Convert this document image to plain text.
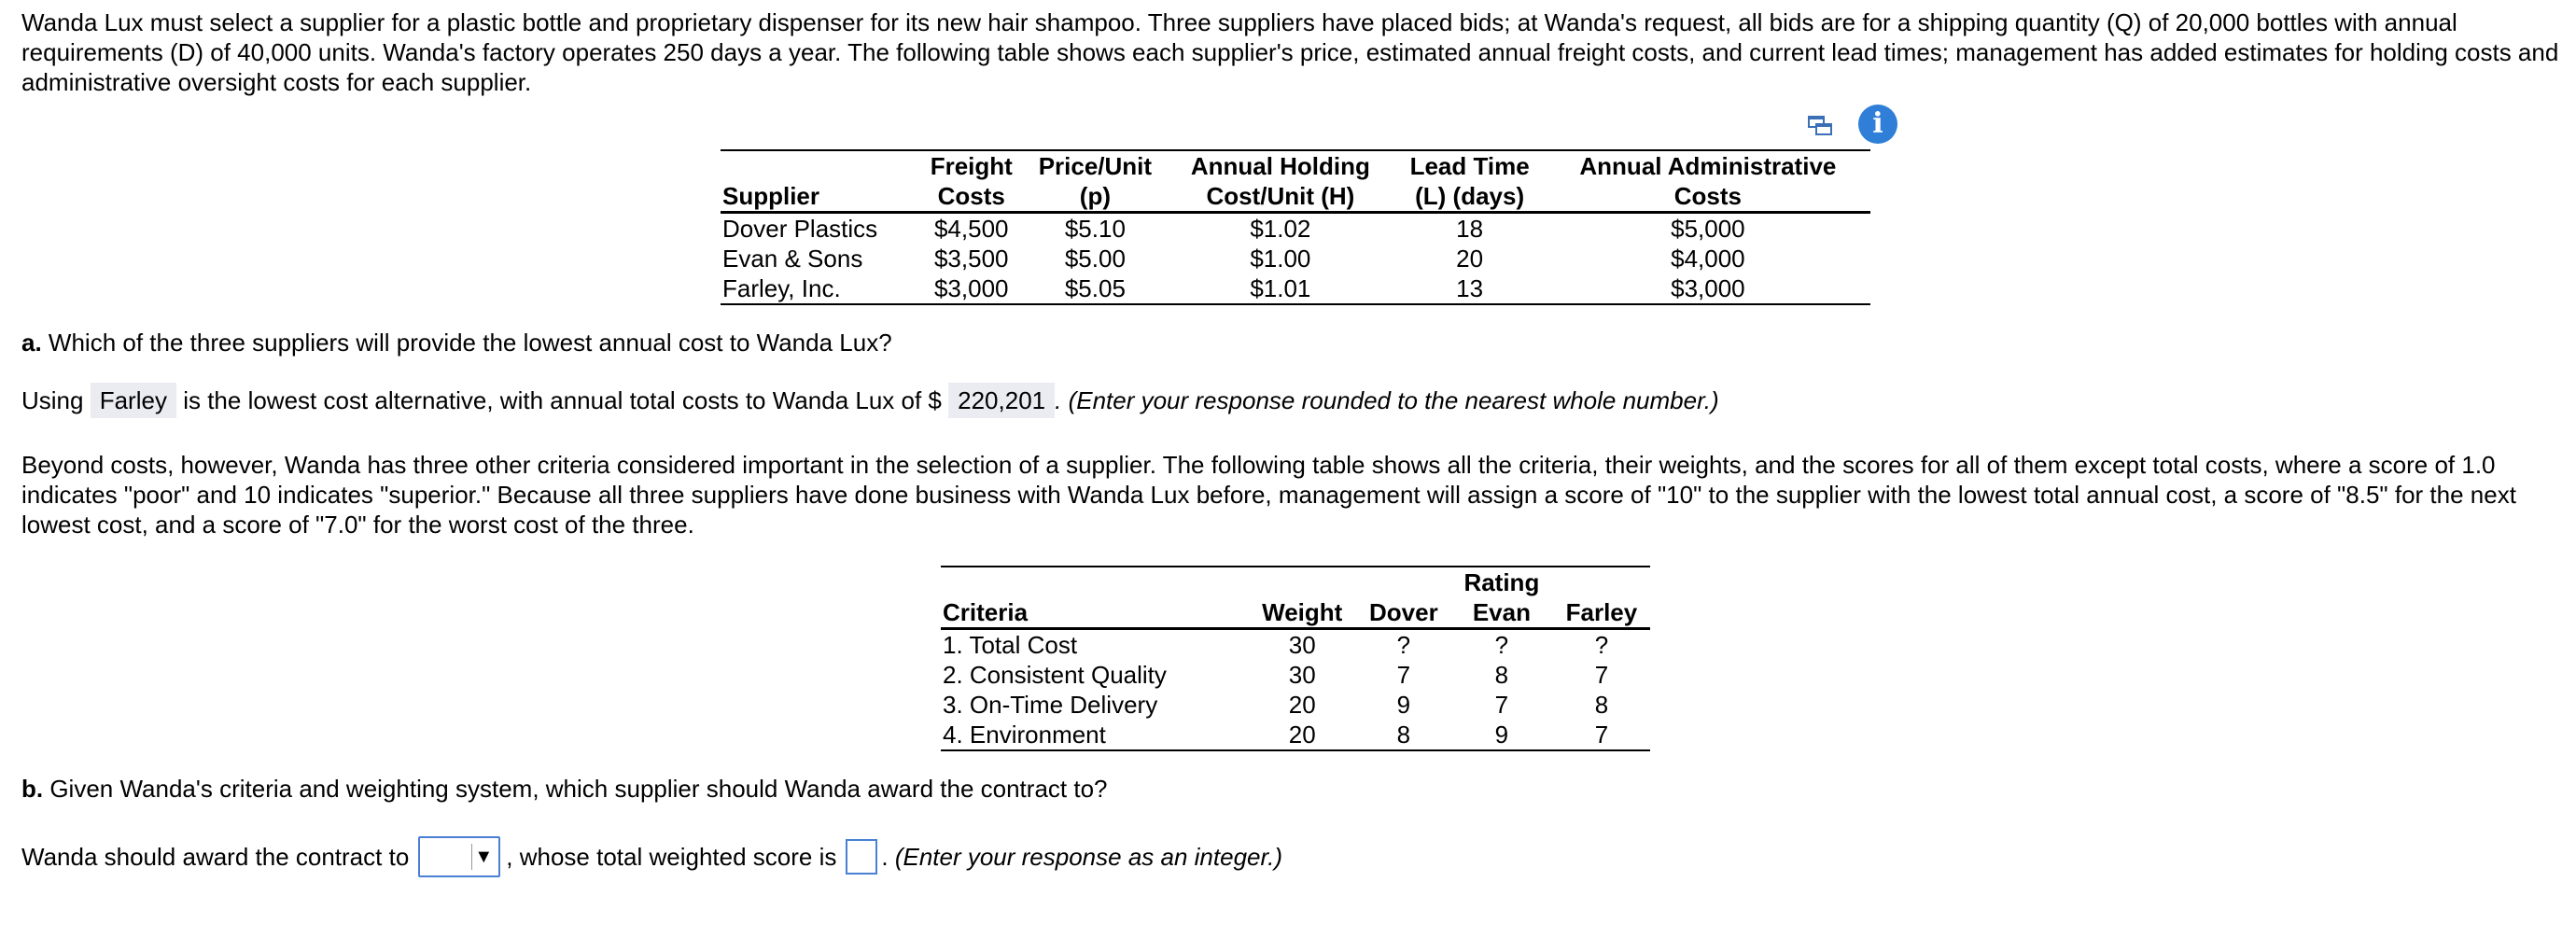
Wanda Lux must select a supplier for a plastic bottle and proprietary dispenser for its new hair shampoo. Three suppliers have placed bids; at Wanda's request, all bids are for a shipping quantity (Q) of 20,000 bottles with annual requirements (D) of 40,000 units. Wanda's factory operates 250 days a year. The following table shows each supplier's price, estimated annual freight costs, and current lead times; management has added estimates for holding costs and administrative oversight costs for each supplier.
i
	Freight	Price/Unit	Annual Holding	Lead Time	Annual Administrative
Supplier	Costs	(p)	Cost/Unit (H)	(L) (days)	Costs
Dover Plastics	$4,500	$5.10	$1.02	18	$5,000
Evan & Sons	$3,500	$5.00	$1.00	20	$4,000
Farley, Inc.	$3,000	$5.05	$1.01	13	$3,000
a. Which of the three suppliers will provide the lowest annual cost to Wanda Lux?
Using Farley is the lowest cost alternative, with annual total costs to Wanda Lux of $ 220,201 . (Enter your response rounded to the nearest whole number.)
Beyond costs, however, Wanda has three other criteria considered important in the selection of a supplier. The following table shows all the criteria, their weights, and the scores for all of them except total costs, where a score of 1.0 indicates "poor" and 10 indicates "superior." Because all three suppliers have done business with Wanda Lux before, management will assign a score of "10" to the supplier with the lowest total annual cost, a score of "8.5" for the next lowest cost, and a score of "7.0" for the worst cost of the three.
			Rating	
Criteria	Weight	Dover	Evan	Farley
1. Total Cost	30	?	?	?
2. Consistent Quality	30	7	8	7
3. On-Time Delivery	20	9	7	8
4. Environment	20	8	9	7
b. Given Wanda's criteria and weighting system, which supplier should Wanda award the contract to?
Wanda should award the contract to	▼ , whose total weighted score is . (Enter your response as an integer.)
